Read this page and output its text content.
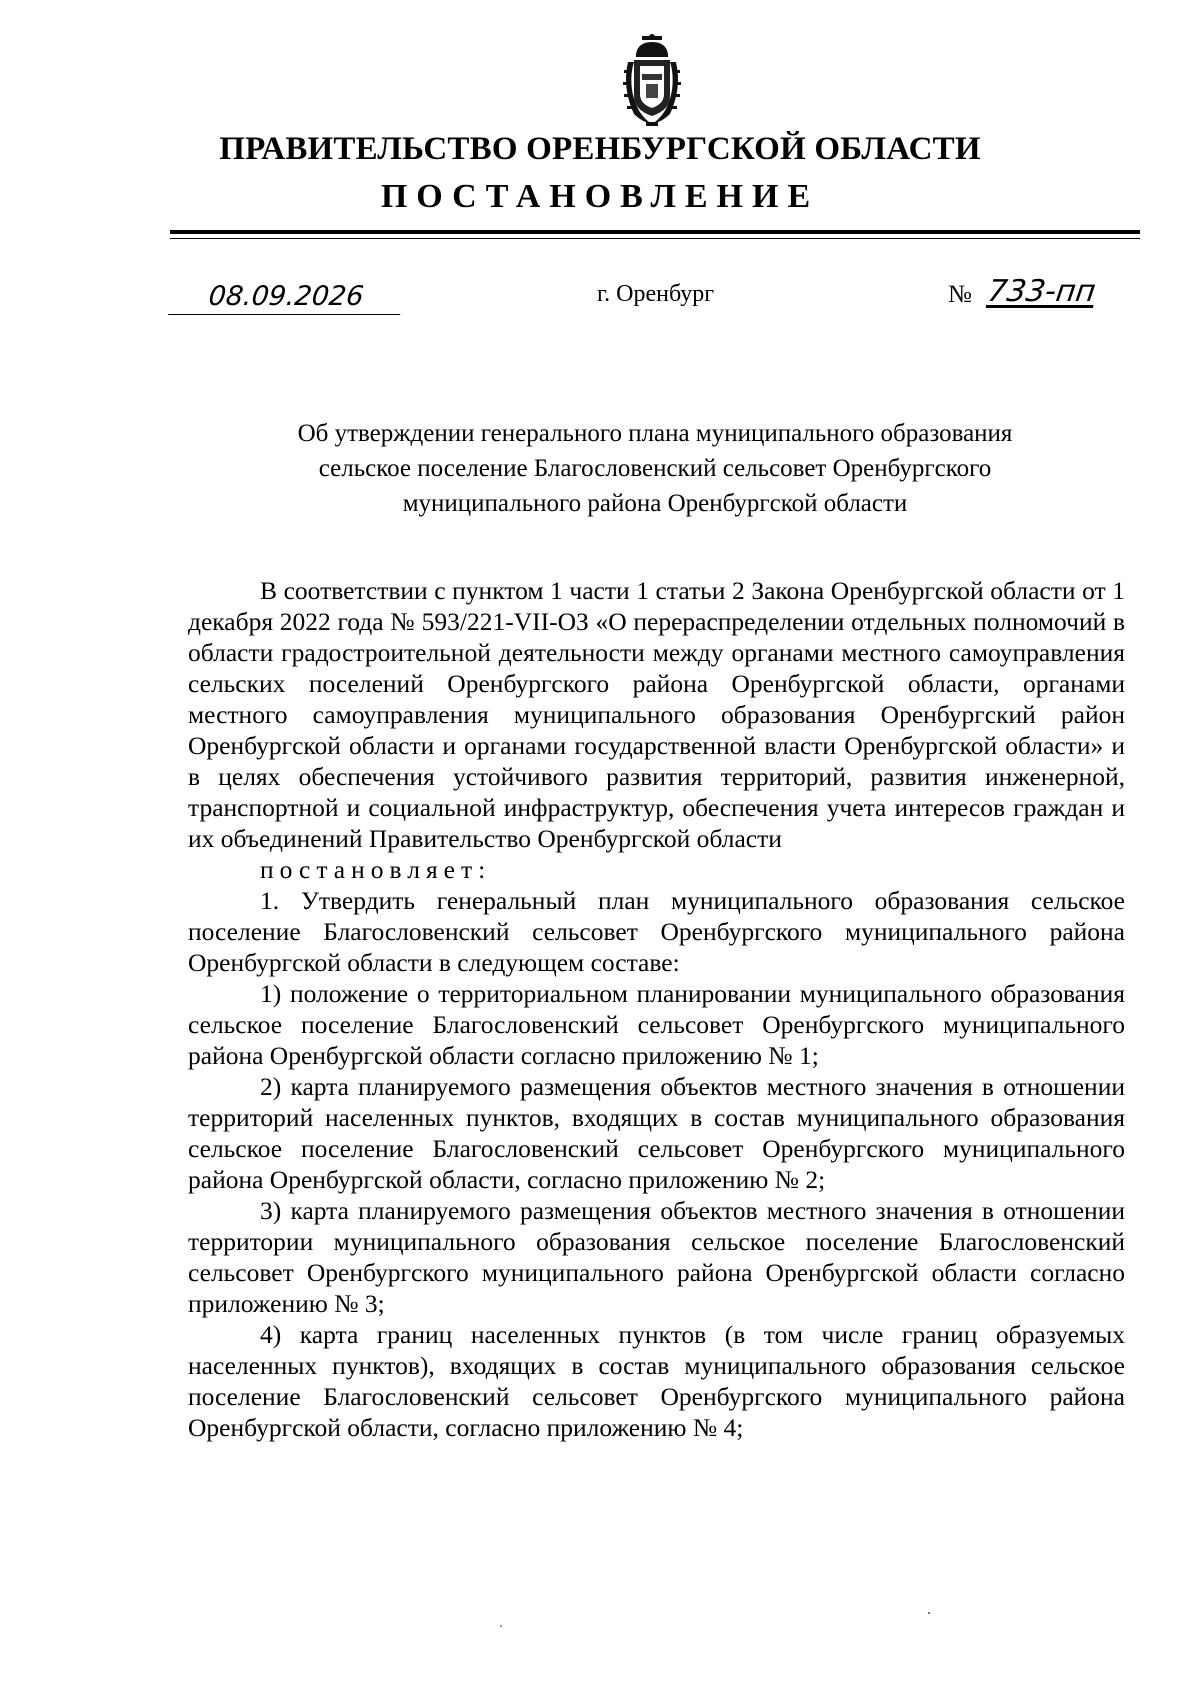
ПРАВИТЕЛЬСТВО ОРЕНБУРГСКОЙ ОБЛАСТИ
ПОСТАНОВЛЕНИЕ
08.09.2026	г. Оренбург	№ 733-пп
Об утверждении генерального плана муниципального образования
сельское поселение Благословенский сельсовет Оренбургского
муниципального района Оренбургской области

В соответствии с пунктом 1 части 1 статьи 2 Закона Оренбургской области от 1 декабря 2022 года № 593/221-VII-ОЗ «О перераспределении отдельных полномочий в области градостроительной деятельности между органами местного самоуправления сельских поселений Оренбургского района Оренбургской области, органами местного самоуправления муниципального образования Оренбургский район Оренбургской области и органами государственной власти Оренбургской области» и в целях обеспечения устойчивого развития территорий, развития инженерной, транспортной и социальной инфраструктур, обеспечения учета интересов граждан и их объединений Правительство Оренбургской области

постановляет:

1. Утвердить генеральный план муниципального образования сельское поселение Благословенский сельсовет Оренбургского муниципального района Оренбургской области в следующем составе:

1) положение о территориальном планировании муниципального образования сельское поселение Благословенский сельсовет Оренбургского муниципального района Оренбургской области согласно приложению № 1;

2) карта планируемого размещения объектов местного значения в отношении территорий населенных пунктов, входящих в состав муниципального образования сельское поселение Благословенский сельсовет Оренбургского муниципального района Оренбургской области, согласно приложению № 2;

3) карта планируемого размещения объектов местного значения в отношении территории муниципального образования сельское поселение Благословенский сельсовет Оренбургского муниципального района Оренбургской области согласно приложению № 3;

4) карта границ населенных пунктов (в том числе границ образуемых населенных пунктов), входящих в состав муниципального образования сельское поселение Благословенский сельсовет Оренбургского муниципального района Оренбургской области, согласно приложению № 4;
